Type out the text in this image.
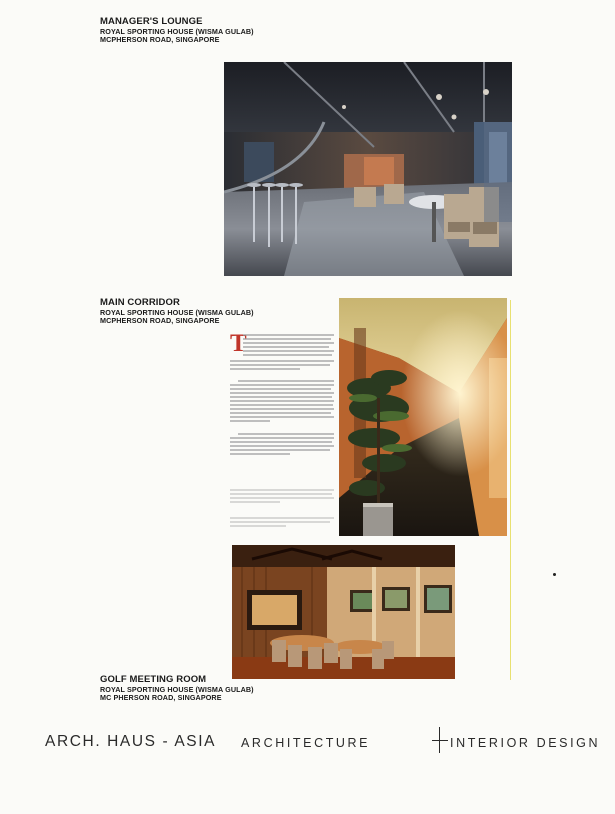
MANAGER'S LOUNGE
ROYAL SPORTING HOUSE (WISMA GULAB)
MCPHERSON ROAD, SINGAPORE
MAIN CORRIDOR
ROYAL SPORTING HOUSE (WISMA GULAB)
MCPHERSON ROAD, SINGAPORE
T
GOLF MEETING ROOM
ROYAL SPORTING HOUSE (WISMA GULAB)
MC PHERSON ROAD, SINGAPORE
ARCH. HAUS - ASIA ARCHITECTURE	INTERIOR DESIGN
